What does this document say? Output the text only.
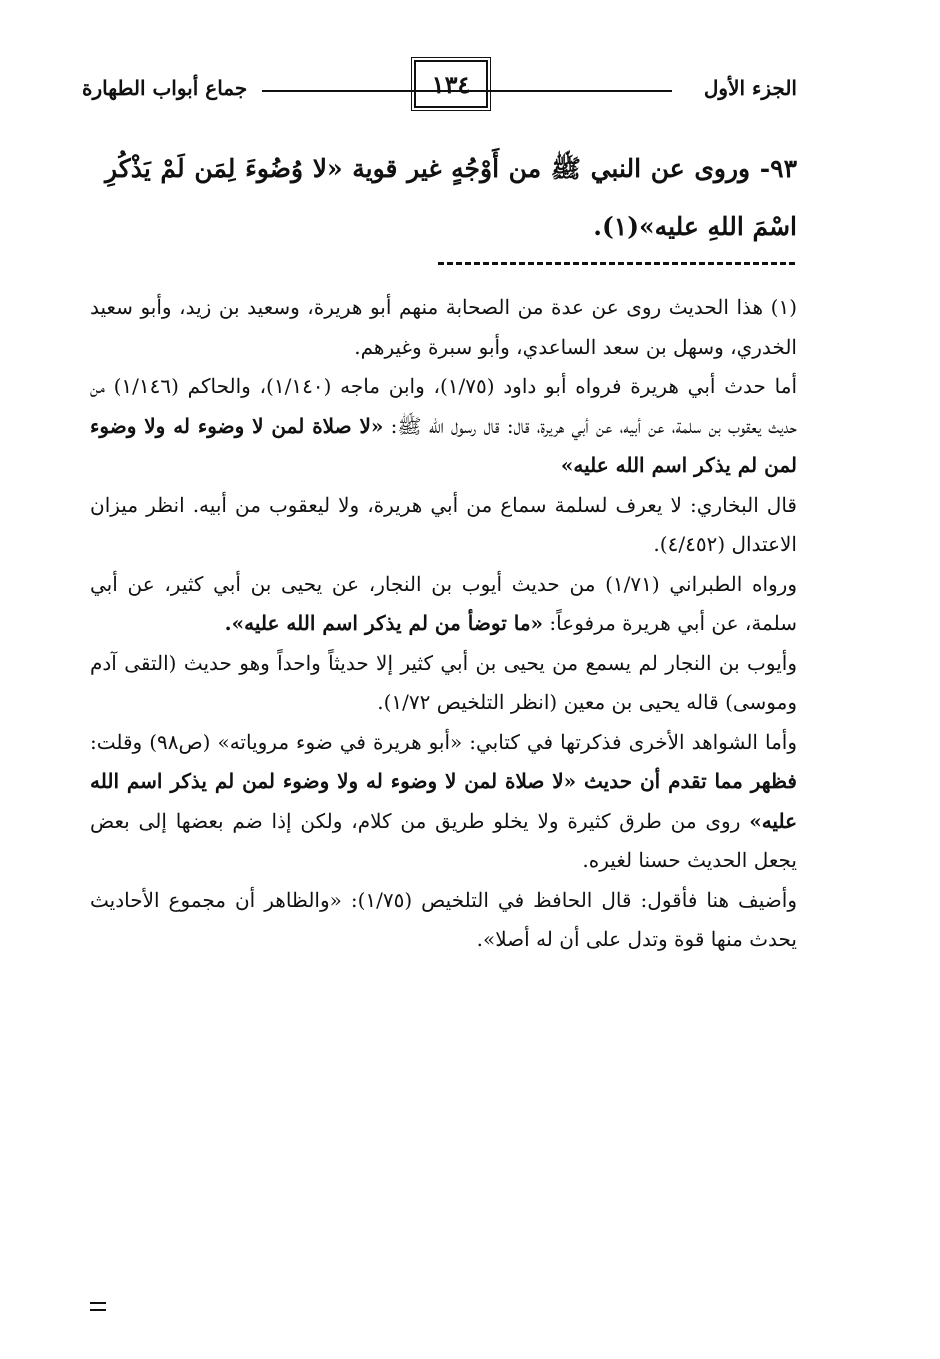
الجزء الأول
١٣٤
جماع أبواب الطهارة
٩٣- وروى عن النبي ﷺ من أَوْجُهٍ غير قوية «لا وُضُوءَ لِمَن لَمْ يَذْكُرِ اسْمَ اللهِ عليه»(١).

(١) هذا الحديث روى عن عدة من الصحابة منهم أبو هريرة، وسعيد بن زيد، وأبو سعيد الخدري، وسهل بن سعد الساعدي، وأبو سبرة وغيرهم.

أما حدث أبي هريرة فرواه أبو داود (١/٧٥)، وابن ماجه (١/١٤٠)، والحاكم (١/١٤٦) من حديث يعقوب بن سلمة، عن أبيه، عن أبي هريرة، قال: قال رسول الله ﷺ: «لا صلاة لمن لا وضوء له ولا وضوء لمن لم يذكر اسم الله عليه»

قال البخاري: لا يعرف لسلمة سماع من أبي هريرة، ولا ليعقوب من أبيه. انظر ميزان الاعتدال (٤/٤٥٢).

ورواه الطبراني (١/٧١) من حديث أيوب بن النجار، عن يحيى بن أبي كثير، عن أبي سلمة، عن أبي هريرة مرفوعاً: «ما توضأ من لم يذكر اسم الله عليه».

وأيوب بن النجار لم يسمع من يحيى بن أبي كثير إلا حديثاً واحداً وهو حديث (التقى آدم وموسى) قاله يحيى بن معين (انظر التلخيص ١/٧٢).

وأما الشواهد الأخرى فذكرتها في كتابي: «أبو هريرة في ضوء مروياته» (ص٩٨) وقلت: فظهر مما تقدم أن حديث «لا صلاة لمن لا وضوء له ولا وضوء لمن لم يذكر اسم الله عليه» روى من طرق كثيرة ولا يخلو طريق من كلام، ولكن إذا ضم بعضها إلى بعض يجعل الحديث حسنا لغيره.

وأضيف هنا فأقول: قال الحافظ في التلخيص (١/٧٥): «والظاهر أن مجموع الأحاديث يحدث منها قوة وتدل على أن له أصلا».
